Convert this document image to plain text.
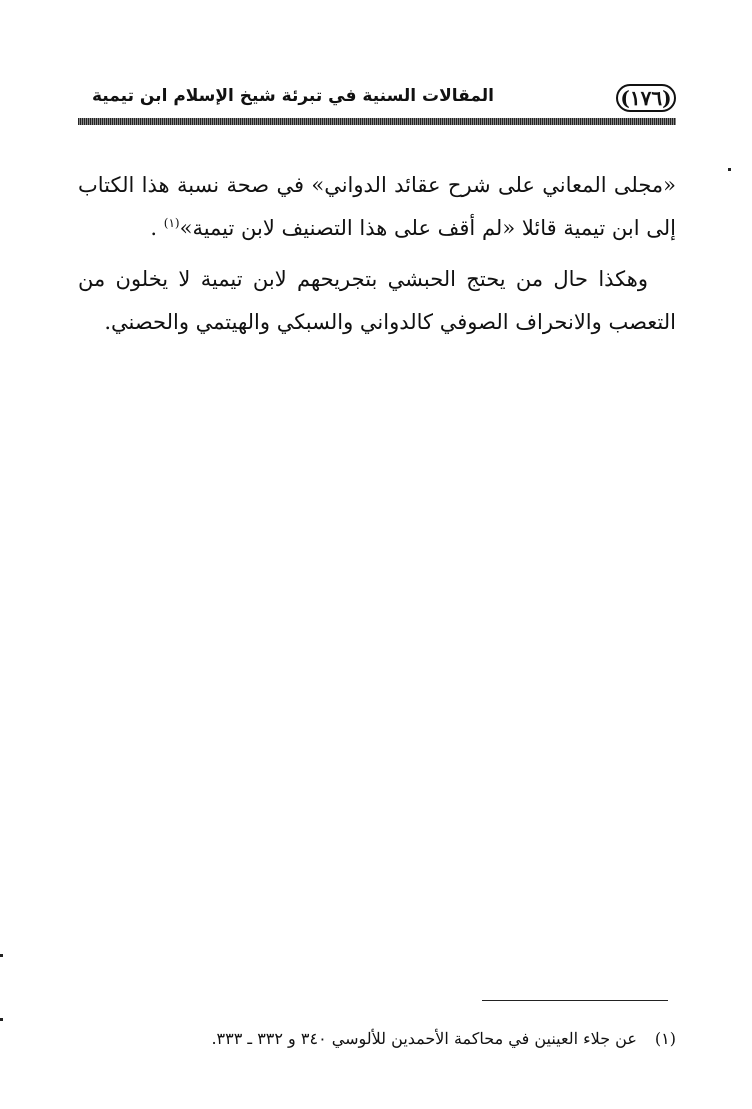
(١٧٦)
المقالات السنية في تبرئة شيخ الإسلام ابن تيمية

«مجلى المعاني على شرح عقائد الدواني» في صحة نسبة هذا الكتاب إلى ابن تيمية قائلا «لم أقف على هذا التصنيف لابن تيمية»$^{(١)}$ .

وهكذا حال من يحتج الحبشي بتجريحهم لابن تيمية لا يخلون من التعصب والانحراف الصوفي كالدواني والسبكي والهيتمي والحصني.

(١)عن جلاء العينين في محاكمة الأحمدين للألوسي ٣٤٠ و ٣٣٢ ـ ٣٣٣.
